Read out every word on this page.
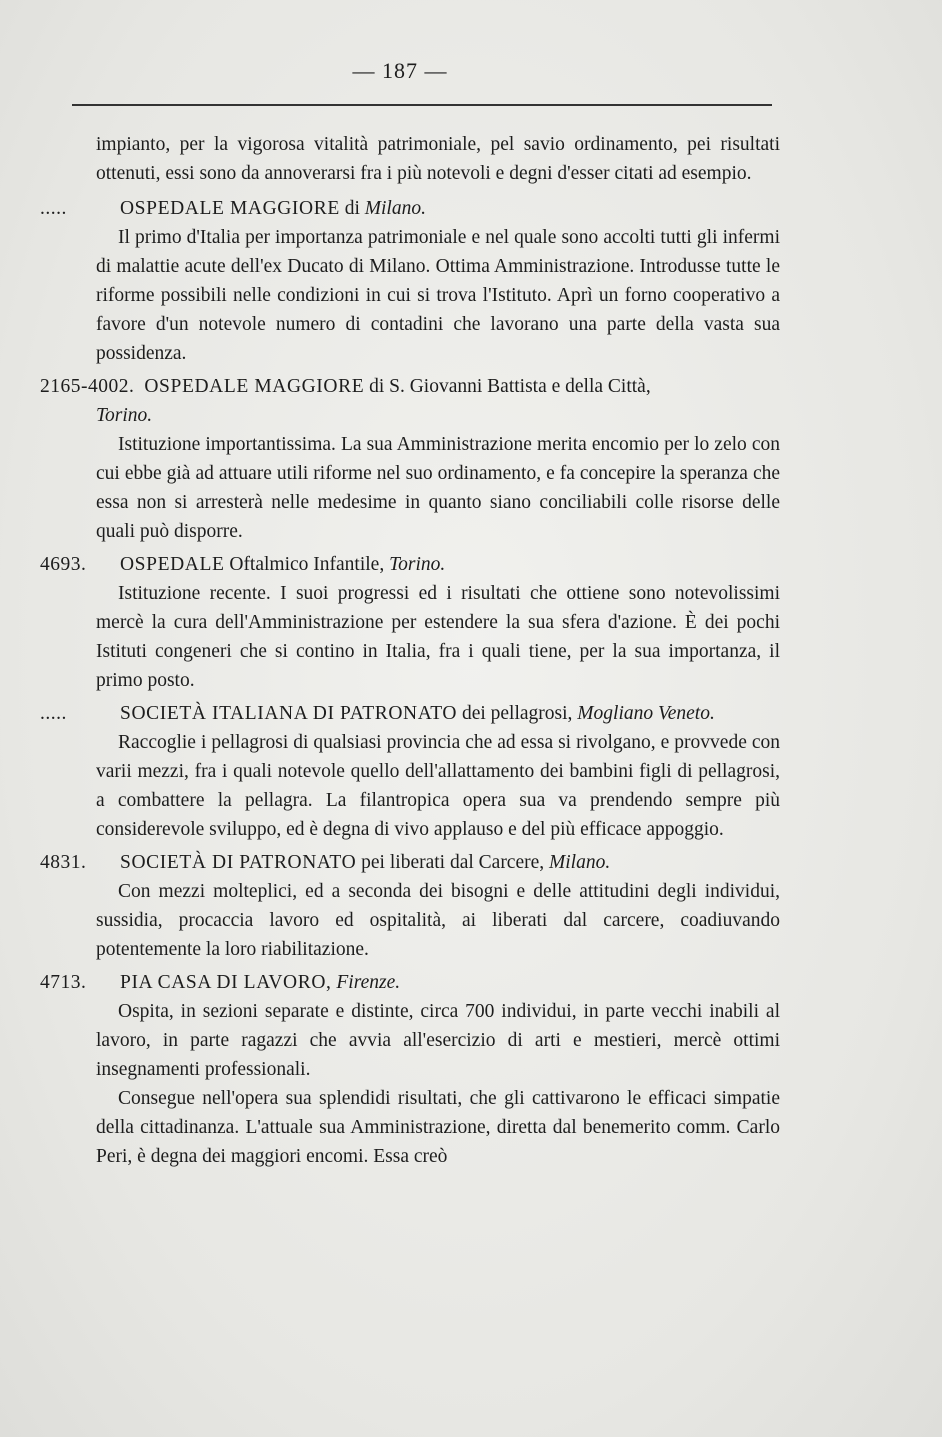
— 187 —

impianto, per la vigorosa vitalità patrimoniale, pel savio ordinamento, pei risultati ottenuti, essi sono da annoverarsi fra i più notevoli e degni d'esser citati ad esempio.

.....	OSPEDALE MAGGIORE di Milano.

Il primo d'Italia per importanza patrimoniale e nel quale sono accolti tutti gli infermi di malattie acute dell'ex Ducato di Milano. Ottima Amministrazione. Introdusse tutte le riforme possibili nelle condizioni in cui si trova l'Istituto. Aprì un forno cooperativo a favore d'un notevole numero di contadini che lavorano una parte della vasta sua possidenza.

2165-4002. OSPEDALE MAGGIORE di S. Giovanni Battista e della Città,
Torino.

Istituzione importantissima. La sua Amministrazione merita encomio per lo zelo con cui ebbe già ad attuare utili riforme nel suo ordinamento, e fa concepire la speranza che essa non si arresterà nelle medesime in quanto siano conciliabili colle risorse delle quali può disporre.

4693.	OSPEDALE Oftalmico Infantile, Torino.

Istituzione recente. I suoi progressi ed i risultati che ottiene sono notevolissimi mercè la cura dell'Amministrazione per estendere la sua sfera d'azione. È dei pochi Istituti congeneri che si contino in Italia, fra i quali tiene, per la sua importanza, il primo posto.

.....	SOCIETÀ ITALIANA DI PATRONATO dei pellagrosi, Mogliano Veneto.

Raccoglie i pellagrosi di qualsiasi provincia che ad essa si rivolgano, e provvede con varii mezzi, fra i quali notevole quello dell'allattamento dei bambini figli di pellagrosi, a combattere la pellagra. La filantropica opera sua va prendendo sempre più considerevole sviluppo, ed è degna di vivo applauso e del più efficace appoggio.

4831.	SOCIETÀ DI PATRONATO pei liberati dal Carcere, Milano.

Con mezzi molteplici, ed a seconda dei bisogni e delle attitudini degli individui, sussidia, procaccia lavoro ed ospitalità, ai liberati dal carcere, coadiuvando potentemente la loro riabilitazione.

4713.	PIA CASA DI LAVORO,
Firenze.

Ospita, in sezioni separate e distinte, circa 700 individui, in parte vecchi inabili al lavoro, in parte ragazzi che avvia all'esercizio di arti e mestieri, mercè ottimi insegnamenti professionali.

Consegue nell'opera sua splendidi risultati, che gli cattivarono le efficaci simpatie della cittadinanza. L'attuale sua Amministrazione, diretta dal benemerito comm. Carlo Peri, è degna dei maggiori encomi. Essa creò
